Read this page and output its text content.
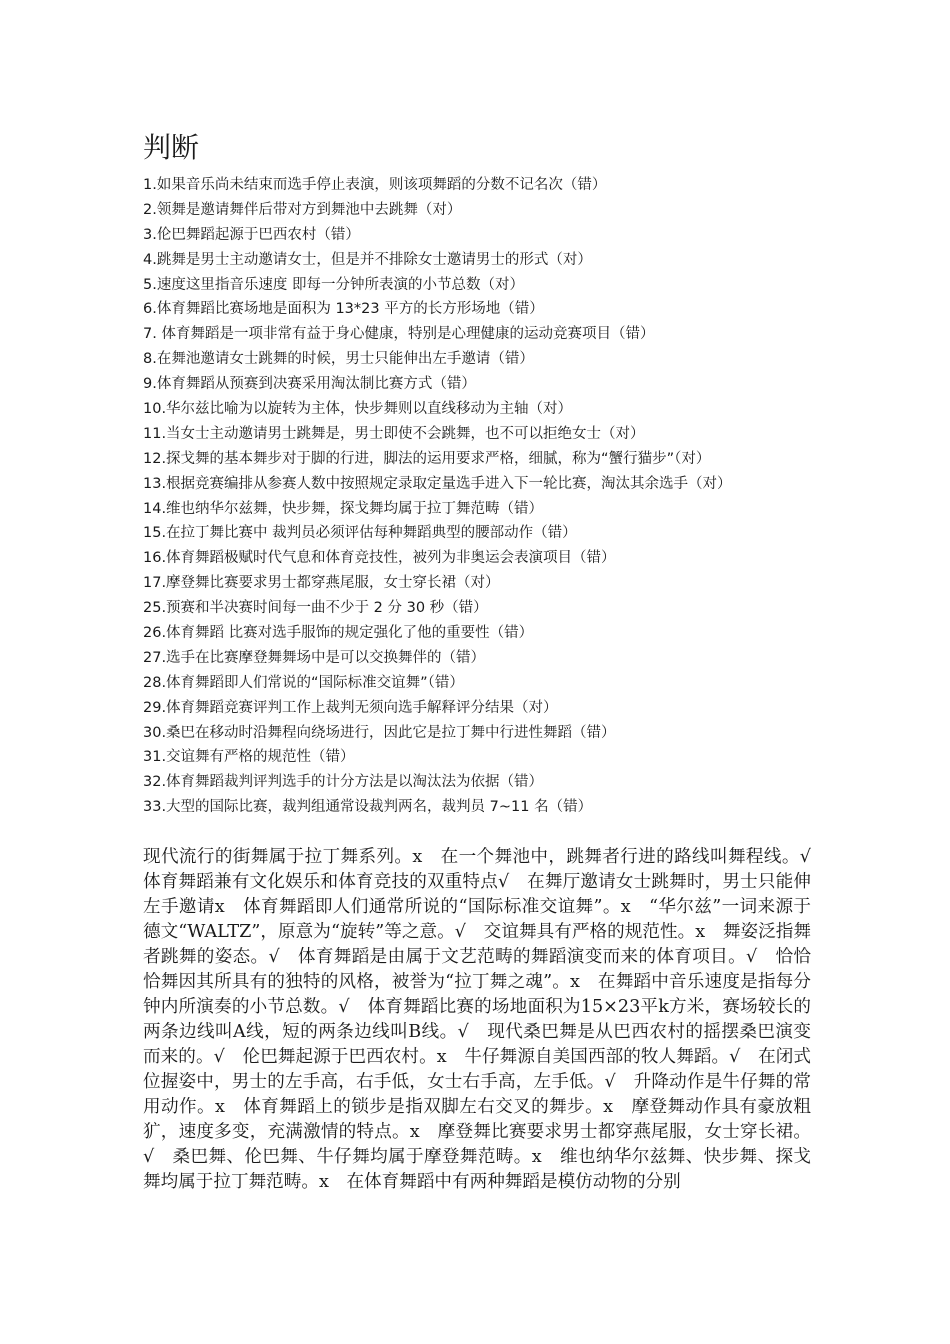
判断
1.如果音乐尚未结束而选手停止表演，则该项舞蹈的分数不记名次（错）
2.领舞是邀请舞伴后带对方到舞池中去跳舞（对）
3.伦巴舞蹈起源于巴西农村（错）
4.跳舞是男士主动邀请女士，但是并不排除女士邀请男士的形式（对）
5.速度这里指音乐速度 即每一分钟所表演的小节总数（对）
6.体育舞蹈比赛场地是面积为 13*23 平方的长方形场地（错）
7. 体育舞蹈是一项非常有益于身心健康，特别是心理健康的运动竞赛项目（错）
8.在舞池邀请女士跳舞的时候，男士只能伸出左手邀请（错）
9.体育舞蹈从预赛到决赛采用淘汰制比赛方式（错）
10.华尔兹比喻为以旋转为主体，快步舞则以直线移动为主轴（对）
11.当女士主动邀请男士跳舞是，男士即使不会跳舞，也不可以拒绝女士（对）
12.探戈舞的基本舞步对于脚的行进，脚法的运用要求严格，细腻，称为“蟹行猫步”（对）
13.根据竞赛编排从参赛人数中按照规定录取定量选手进入下一轮比赛，淘汰其余选手（对）
14.维也纳华尔兹舞，快步舞，探戈舞均属于拉丁舞范畴（错）
15.在拉丁舞比赛中 裁判员必须评估每种舞蹈典型的腰部动作（错）
16.体育舞蹈极赋时代气息和体育竞技性，被列为非奥运会表演项目（错）
17.摩登舞比赛要求男士都穿燕尾服，女士穿长裙（对）
25.预赛和半决赛时间每一曲不少于 2 分 30 秒（错）
26.体育舞蹈 比赛对选手服饰的规定强化了他的重要性（错）
27.选手在比赛摩登舞舞场中是可以交换舞伴的（错）
28.体育舞蹈即人们常说的“国际标准交谊舞”（错）
29.体育舞蹈竞赛评判工作上裁判无须向选手解释评分结果（对）
30.桑巴在移动时沿舞程向绕场进行，因此它是拉丁舞中行进性舞蹈（错）
31.交谊舞有严格的规范性（错）
32.体育舞蹈裁判评判选手的计分方法是以淘汰法为依据（错）
33.大型的国际比赛，裁判组通常设裁判两名，裁判员 7~11 名（错）

现代流行的街舞属于拉丁舞系列。x　在一个舞池中，跳舞者行进的路线叫舞程线。√　体育舞蹈兼有文化娱乐和体育竞技的双重特点√　在舞厅邀请女士跳舞时，男士只能伸左手邀请x　体育舞蹈即人们通常所说的“国际标准交谊舞”。x　“华尔兹”一词来源于德文“WALTZ”，原意为“旋转”等之意。√　交谊舞具有严格的规范性。x　舞姿泛指舞者跳舞的姿态。√　体育舞蹈是由属于文艺范畴的舞蹈演变而来的体育项目。√　恰恰恰舞因其所具有的独特的风格，被誉为“拉丁舞之魂”。x　在舞蹈中音乐速度是指每分钟内所演奏的小节总数。√　体育舞蹈比赛的场地面积为15×23平k方米，赛场较长的两条边线叫A线，短的两条边线叫B线。√　现代桑巴舞是从巴西农村的摇摆桑巴演变而来的。√　伦巴舞起源于巴西农村。x　牛仔舞源自美国西部的牧人舞蹈。√　在闭式位握姿中，男士的左手高，右手低，女士右手高，左手低。√　升降动作是牛仔舞的常用动作。x　体育舞蹈上的锁步是指双脚左右交叉的舞步。x　摩登舞动作具有豪放粗犷，速度多变，充满激情的特点。x　摩登舞比赛要求男士都穿燕尾服，女士穿长裙。√　桑巴舞、伦巴舞、牛仔舞均属于摩登舞范畴。x　维也纳华尔兹舞、快步舞、探戈舞均属于拉丁舞范畴。x　在体育舞蹈中有两种舞蹈是模仿动物的分别
